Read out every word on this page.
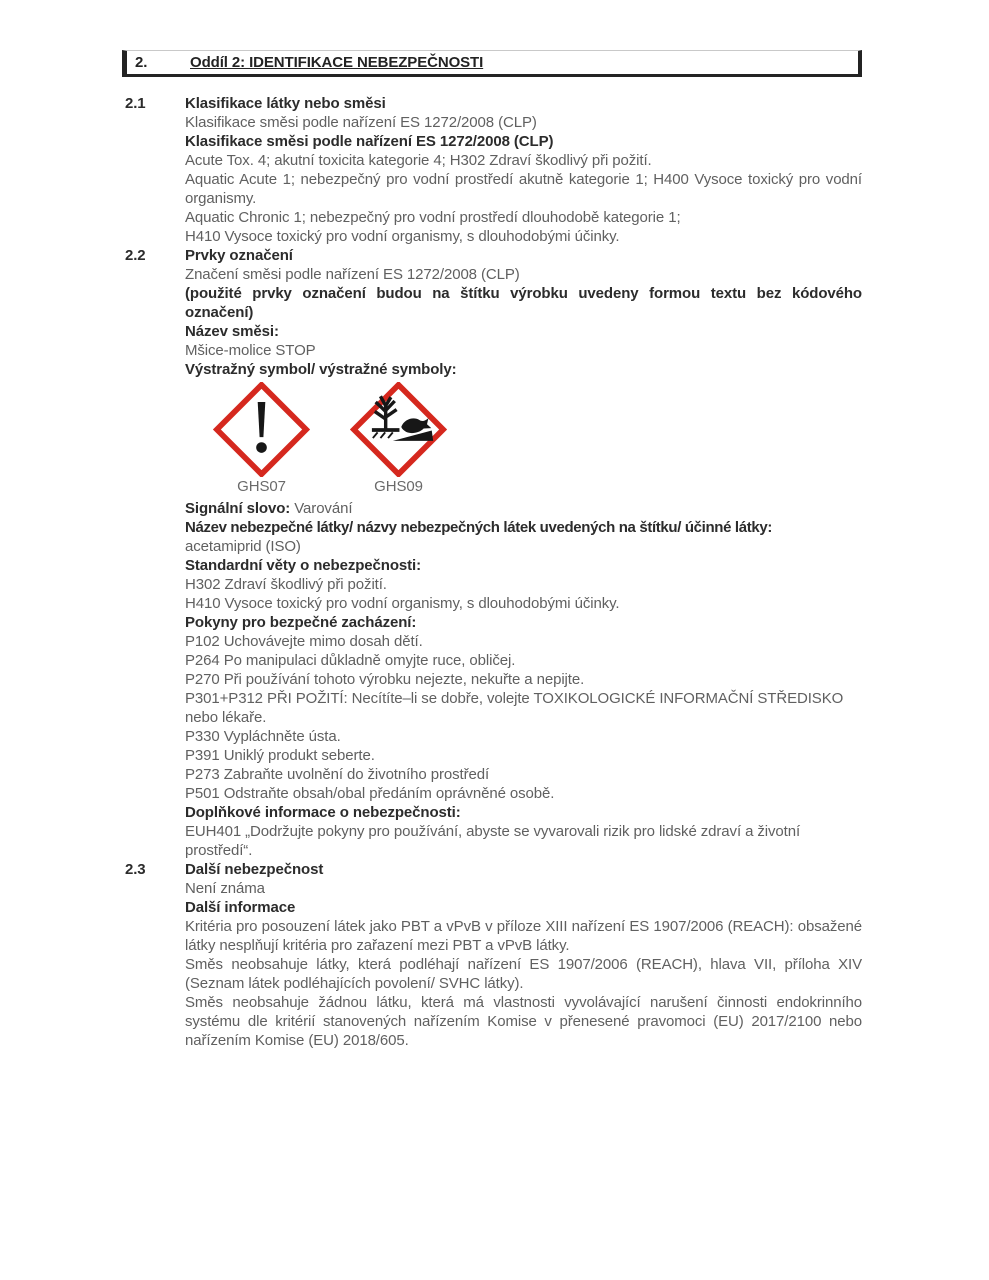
2.	Oddíl 2: IDENTIFIKACE NEBEZPEČNOSTI
2.1	Klasifikace látky nebo směsi

Klasifikace směsi podle nařízení ES 1272/2008 (CLP)

Klasifikace směsi podle nařízení ES 1272/2008 (CLP)

Acute Tox. 4; akutní toxicita kategorie 4; H302 Zdraví škodlivý při požití.

Aquatic Acute 1; nebezpečný pro vodní prostředí akutně kategorie 1; H400 Vysoce toxický pro vodní organismy.

Aquatic Chronic 1; nebezpečný pro vodní prostředí dlouhodobě kategorie 1;

H410 Vysoce toxický pro vodní organismy, s dlouhodobými účinky.

2.2	Prvky označení

Značení směsi podle nařízení ES 1272/2008 (CLP)

(použité prvky označení budou na štítku výrobku uvedeny formou textu bez kódového označení)

Název směsi:

Mšice-molice STOP

Výstražný symbol/ výstražné symboly:

GHS07	GHS09

Signální slovo: Varování

Název nebezpečné látky/ názvy nebezpečných látek uvedených na štítku/ účinné látky:

acetamiprid (ISO)

Standardní věty o nebezpečnosti:

H302 Zdraví škodlivý při požití.

H410 Vysoce toxický pro vodní organismy, s dlouhodobými účinky.

Pokyny pro bezpečné zacházení:

P102 Uchovávejte mimo dosah dětí.

P264 Po manipulaci důkladně omyjte ruce, obličej.

P270 Při používání tohoto výrobku nejezte, nekuřte a nepijte.

P301+P312 PŘI POŽITÍ: Necítíte–li se dobře, volejte TOXIKOLOGICKÉ INFORMAČNÍ STŘEDISKO nebo lékaře.

P330 Vypláchněte ústa.

P391 Uniklý produkt seberte.

P273 Zabraňte uvolnění do životního prostředí

P501 Odstraňte obsah/obal předáním oprávněné osobě.

Doplňkové informace o nebezpečnosti:

EUH401 „Dodržujte pokyny pro používání, abyste se vyvarovali rizik pro lidské zdraví a životní prostředí“.

2.3	Další nebezpečnost

Není známa

Další informace

Kritéria pro posouzení látek jako PBT a vPvB v příloze XIII nařízení ES 1907/2006 (REACH): obsažené látky nesplňují kritéria pro zařazení mezi PBT a vPvB látky.

Směs neobsahuje látky, která podléhají nařízení ES 1907/2006 (REACH), hlava VII, příloha XIV (Seznam látek podléhajících povolení/ SVHC látky).

Směs neobsahuje žádnou látku, která má vlastnosti vyvolávající narušení činnosti endokrinního systému dle kritérií stanovených nařízením Komise v přenesené pravomoci (EU) 2017/2100 nebo nařízením Komise (EU) 2018/605.
